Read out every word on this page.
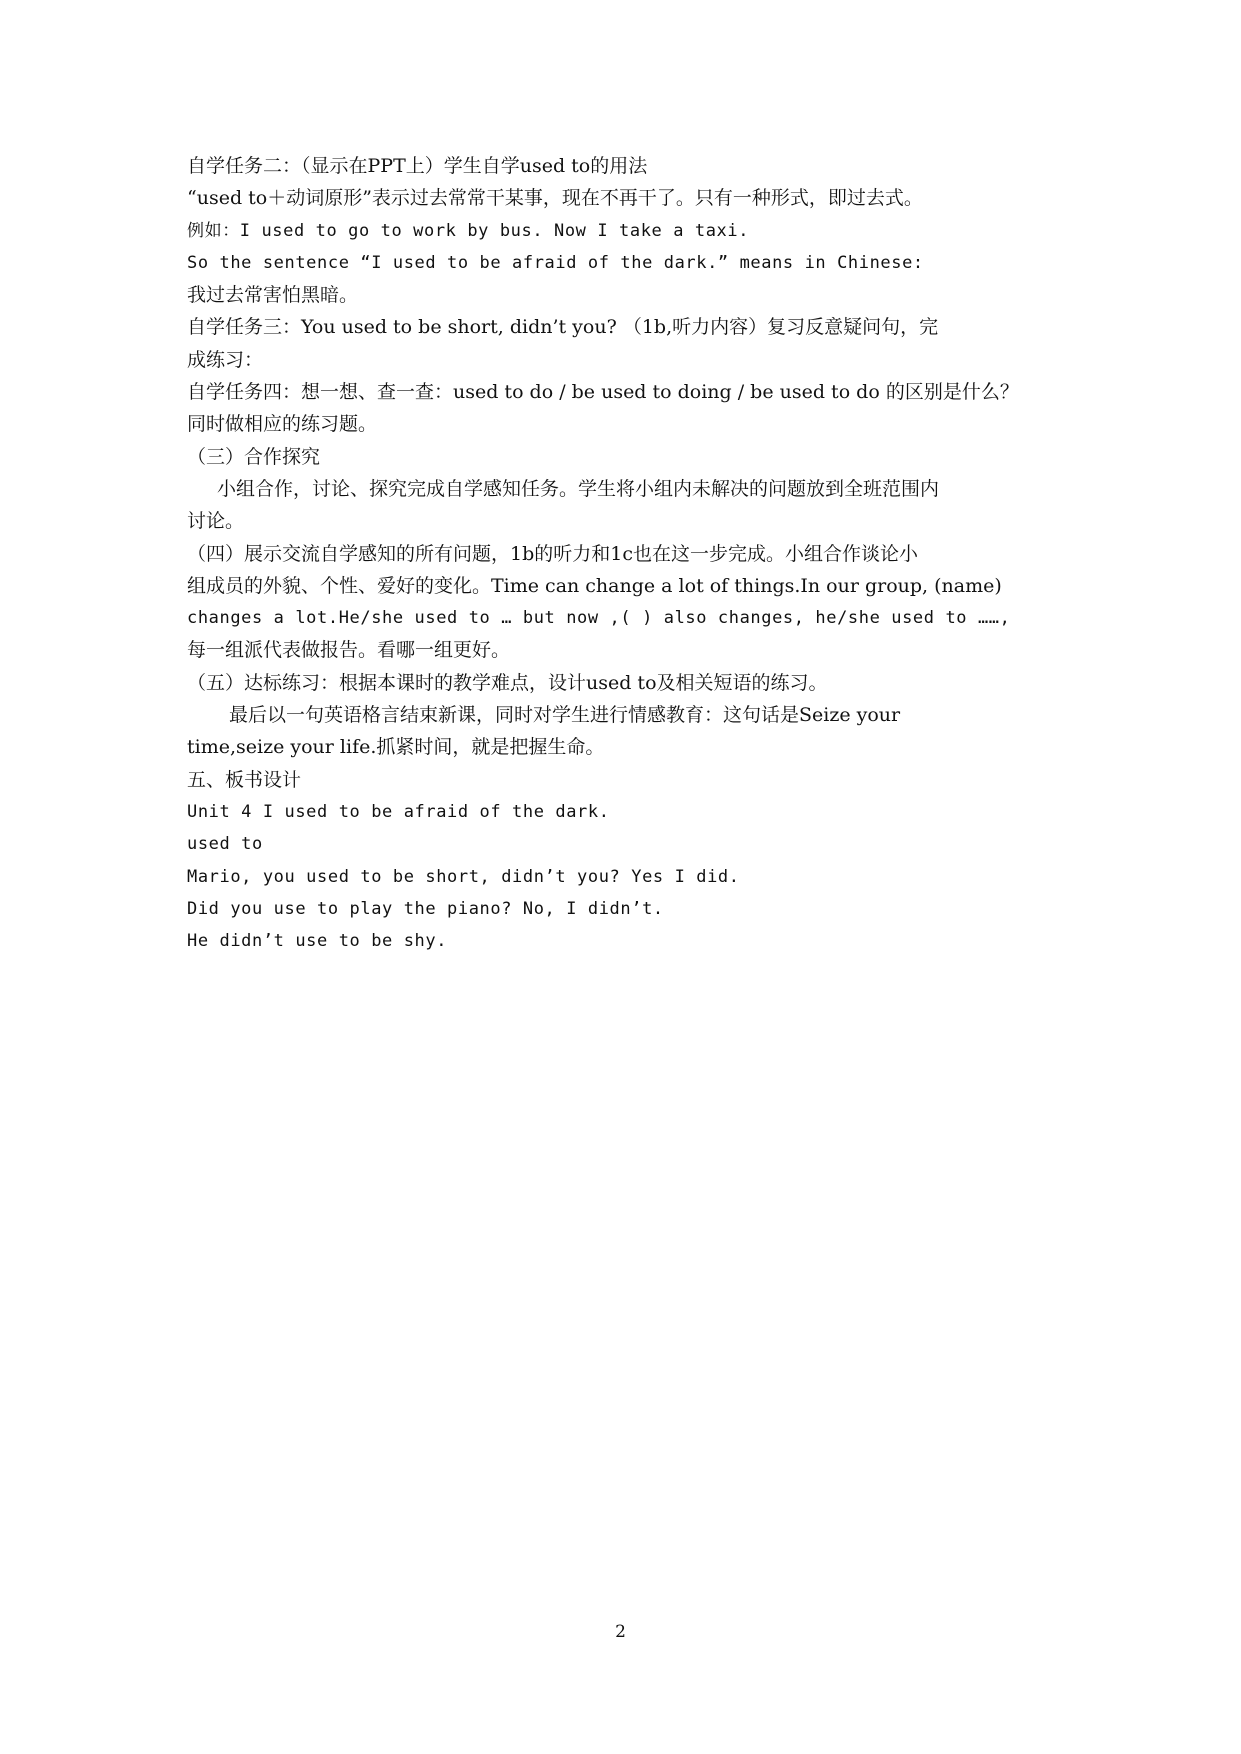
自学任务二：（显示在PPT上）学生自学used to的用法
“used to＋动词原形”表示过去常常干某事，现在不再干了。只有一种形式，即过去式。
例如：I used to go to work by bus. Now I take a taxi.
So the sentence “I used to be afraid of the dark.” means in Chinese:
我过去常害怕黑暗。
自学任务三：You used to be short, didn’t you? （1b,听力内容）复习反意疑问句，完
成练习：
自学任务四：想一想、查一查：used to do / be used to doing / be used to do 的区别是什么？
同时做相应的练习题。
（三）合作探究
小组合作，讨论、探究完成自学感知任务。学生将小组内未解决的问题放到全班范围内
讨论。
（四）展示交流自学感知的所有问题，1b的听力和1c也在这一步完成。小组合作谈论小
组成员的外貌、个性、爱好的变化。Time can change a lot of things.In our group, (name)
changes a lot.He/she used to … but now ,( ) also changes, he/she used to ……,
每一组派代表做报告。看哪一组更好。
（五）达标练习：根据本课时的教学难点，设计used to及相关短语的练习。
最后以一句英语格言结束新课，同时对学生进行情感教育：这句话是Seize your
time,seize your life.抓紧时间，就是把握生命。
五、板书设计
Unit 4 I used to be afraid of the dark.
used to
Mario, you used to be short, didn’t you? Yes I did.
Did you use to play the piano? No, I didn’t.
He didn’t use to be shy.
2
